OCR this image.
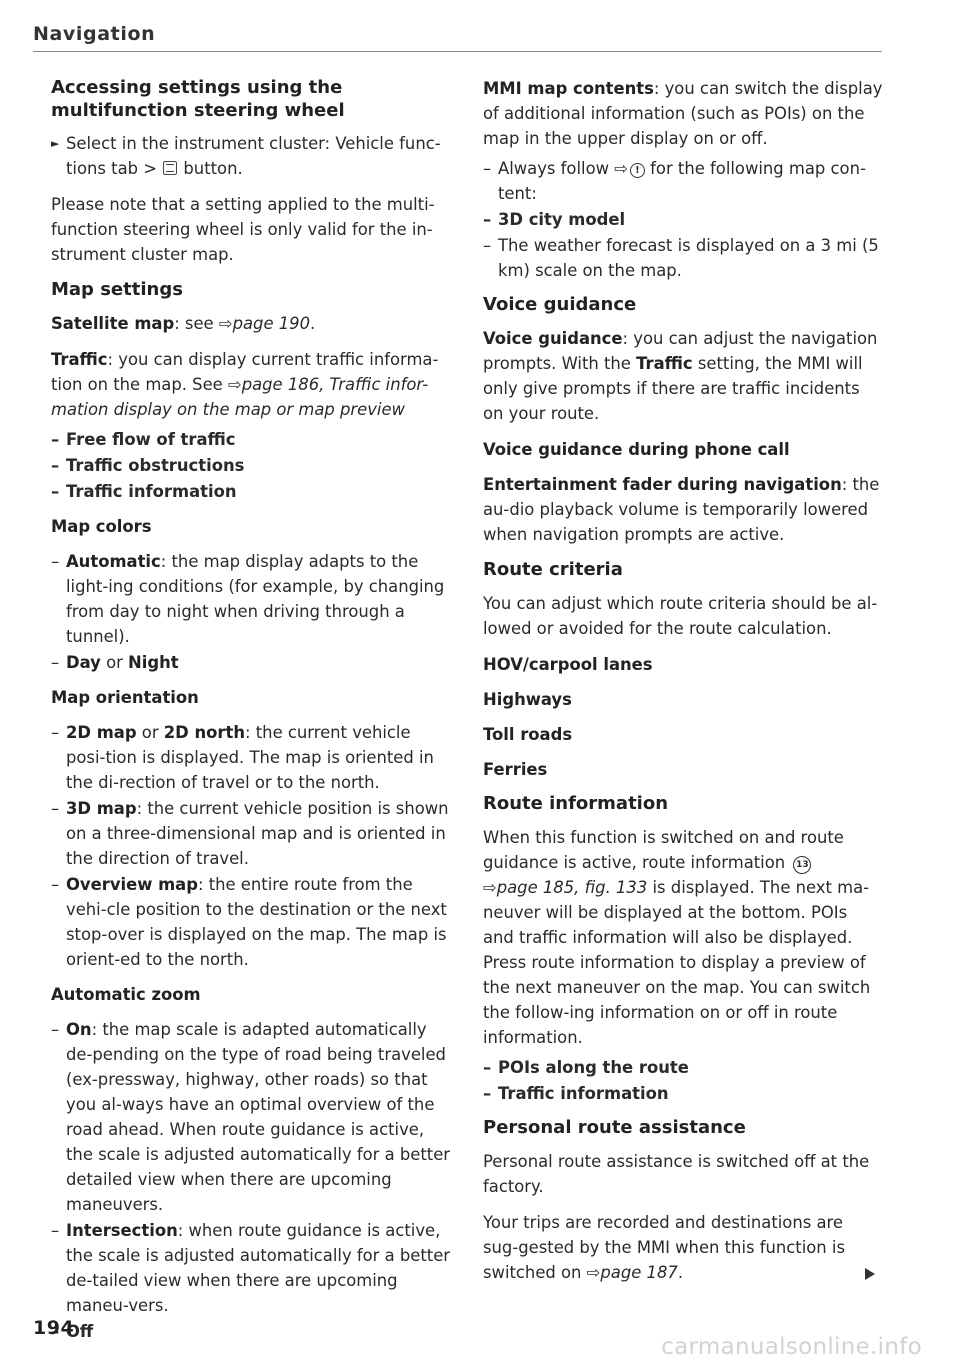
Navigation
Accessing settings using the multifunction steering wheel
► Select in the instrument cluster: Vehicle func-tions tab >  button.

Please note that a setting applied to the multi-function steering wheel is only valid for the in-strument cluster map.

Map settings

Satellite map: see ⇨page 190.

Traffic: you can display current traffic informa-tion on the map. See ⇨page 186, Traffic infor-mation display on the map or map preview

– Free flow of traffic
– Traffic obstructions
– Traffic information
Map colors
– Automatic: the map display adapts to the light-ing conditions (for example, by changing from day to night when driving through a tunnel).
– Day or Night
Map orientation
– 2D map or 2D north: the current vehicle posi-tion is displayed. The map is oriented in the di-rection of travel or to the north.
– 3D map: the current vehicle position is shown on a three-dimensional map and is oriented in the direction of travel.
– Overview map: the entire route from the vehi-cle position to the destination or the next stop-over is displayed on the map. The map is orient-ed to the north.
Automatic zoom
– On: the map scale is adapted automatically de-pending on the type of road being traveled (ex-pressway, highway, other roads) so that you al-ways have an optimal overview of the road ahead. When route guidance is active, the scale is adjusted automatically for a better detailed view when there are upcoming maneuvers.
– Intersection: when route guidance is active, the scale is adjusted automatically for a better de-tailed view when there are upcoming maneu-vers.
– Off

MMI map contents: you can switch the display of additional information (such as POIs) on the map in the upper display on or off.

– Always follow ⇨ ! for the following map con-tent:
– 3D city model
– The weather forecast is displayed on a 3 mi (5 km) scale on the map.
Voice guidance

Voice guidance: you can adjust the navigation prompts. With the Traffic setting, the MMI will only give prompts if there are traffic incidents on your route.

Voice guidance during phone call

Entertainment fader during navigation: the au-dio playback volume is temporarily lowered when navigation prompts are active.

Route criteria

You can adjust which route criteria should be al-lowed or avoided for the route calculation.

HOV/carpool lanes
Highways
Toll roads
Ferries
Route information

When this function is switched on and route guidance is active, route information 13
⇨page 185, fig. 133 is displayed. The next ma-neuver will be displayed at the bottom. POIs and traffic information will also be displayed. Press route information to display a preview of the next maneuver on the map. You can switch the follow-ing information on or off in route information.

– POIs along the route
– Traffic information
Personal route assistance

Personal route assistance is switched off at the factory.

Your trips are recorded and destinations are sug-gested by the MMI when this function is switched on ⇨page 187.

194
carmanualsonline.info
